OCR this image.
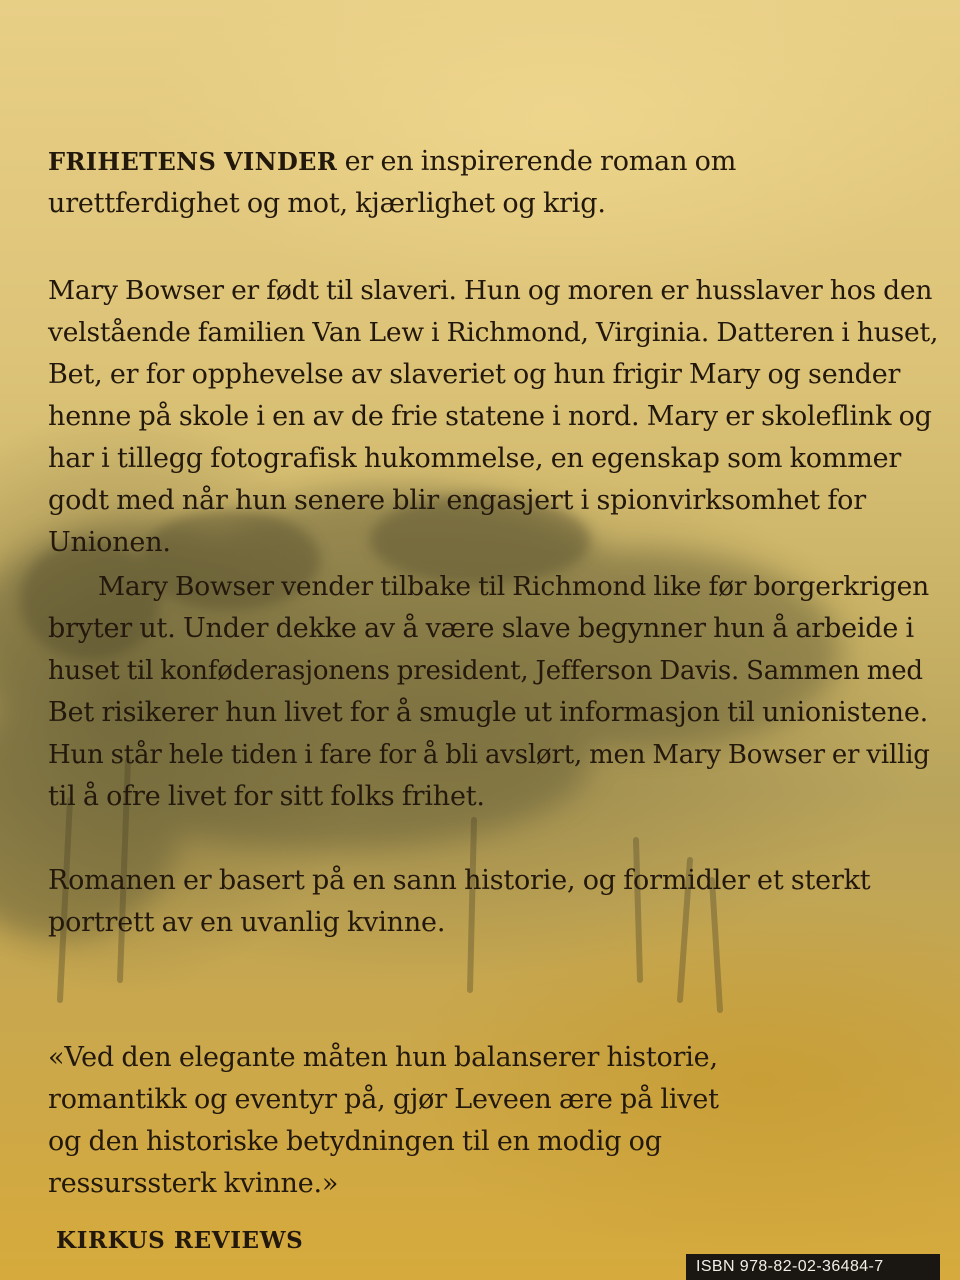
FRIHETENS VINDER er en inspirerende roman om
urettferdighet og mot, kjærlighet og krig.

Mary Bowser er født til slaveri. Hun og moren er husslaver hos den
velstående familien Van Lew i Richmond, Virginia. Datteren i huset,
Bet, er for opphevelse av slaveriet og hun frigir Mary og sender
henne på skole i en av de frie statene i nord. Mary er skoleflink og
har i tillegg fotografisk hukommelse, en egenskap som kommer
godt med når hun senere blir engasjert i spionvirksomhet for
Unionen.

Mary Bowser vender tilbake til Richmond like før borgerkrigen
bryter ut. Under dekke av å være slave begynner hun å arbeide i
huset til konføderasjonens president, Jefferson Davis. Sammen med
Bet risikerer hun livet for å smugle ut informasjon til unionistene.
Hun står hele tiden i fare for å bli avslørt, men Mary Bowser er villig
til å ofre livet for sitt folks frihet.

Romanen er basert på en sann historie, og formidler et sterkt
portrett av en uvanlig kvinne.

«Ved den elegante måten hun balanserer historie,
romantikk og eventyr på, gjør Leveen ære på livet
og den historiske betydningen til en modig og
ressurssterk kvinne.»

KIRKUS REVIEWS

ISBN 978-82-02-36484-7
